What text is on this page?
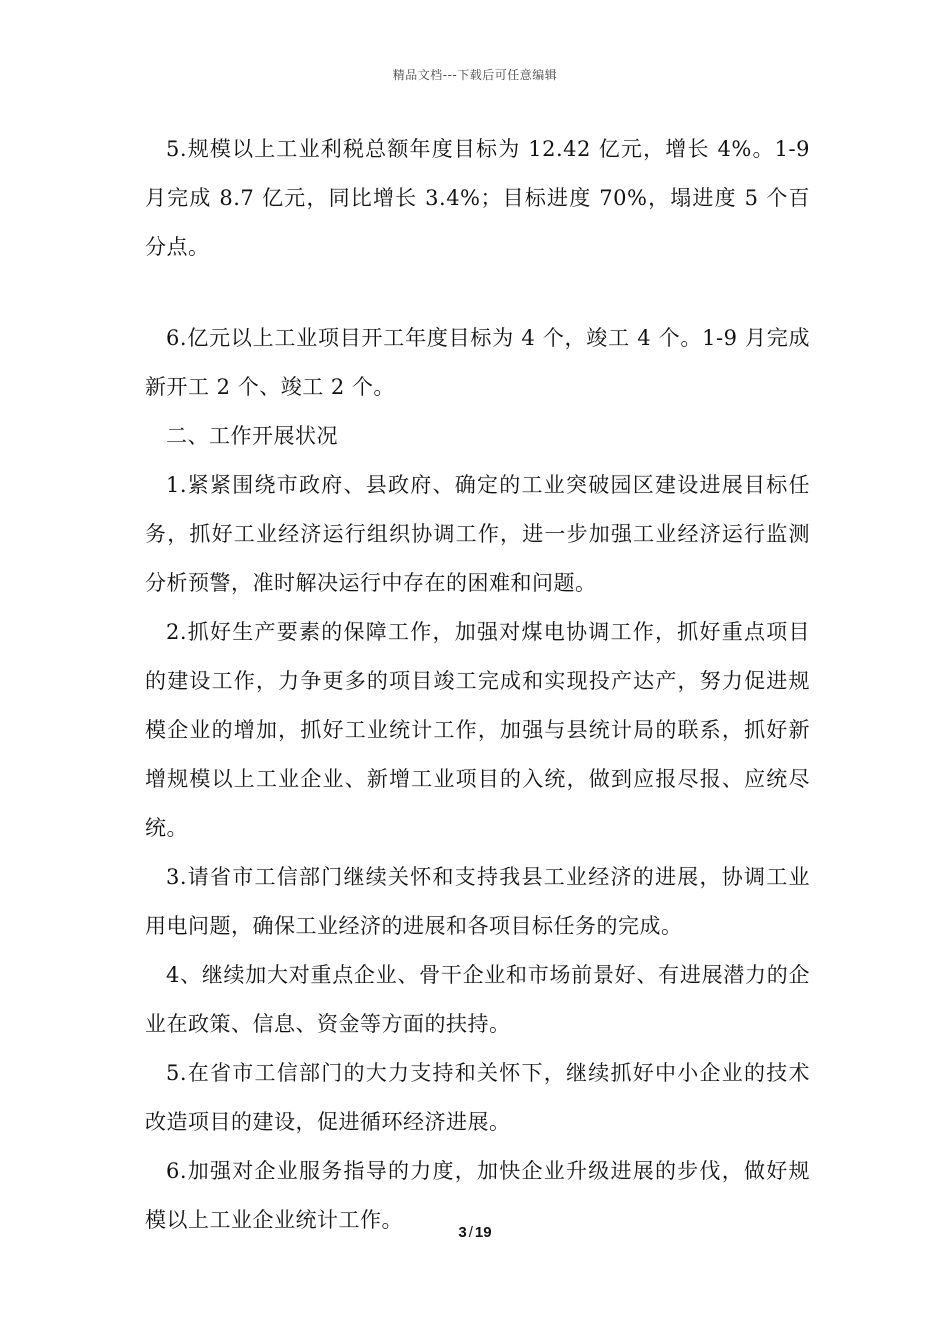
精品文档---下载后可任意编辑

5.规模以上工业利税总额年度目标为 12.42 亿元，增长 4%。1-9 月完成 8.7 亿元，同比增长 3.4%；目标进度 70%，塌进度 5 个百分点。

6.亿元以上工业项目开工年度目标为 4 个，竣工 4 个。1-9 月完成新开工 2 个、竣工 2 个。

二、工作开展状况

1.紧紧围绕市政府、县政府、确定的工业突破园区建设进展目标任务，抓好工业经济运行组织协调工作，进一步加强工业经济运行监测分析预警，准时解决运行中存在的困难和问题。

2.抓好生产要素的保障工作，加强对煤电协调工作，抓好重点项目的建设工作，力争更多的项目竣工完成和实现投产达产，努力促进规模企业的增加，抓好工业统计工作，加强与县统计局的联系，抓好新增规模以上工业企业、新增工业项目的入统，做到应报尽报、应统尽统。

3.请省市工信部门继续关怀和支持我县工业经济的进展，协调工业用电问题，确保工业经济的进展和各项目标任务的完成。

4、继续加大对重点企业、骨干企业和市场前景好、有进展潜力的企业在政策、信息、资金等方面的扶持。

5.在省市工信部门的大力支持和关怀下，继续抓好中小企业的技术改造项目的建设，促进循环经济进展。

6.加强对企业服务指导的力度，加快企业升级进展的步伐，做好规模以上工业企业统计工作。

3 / 19
